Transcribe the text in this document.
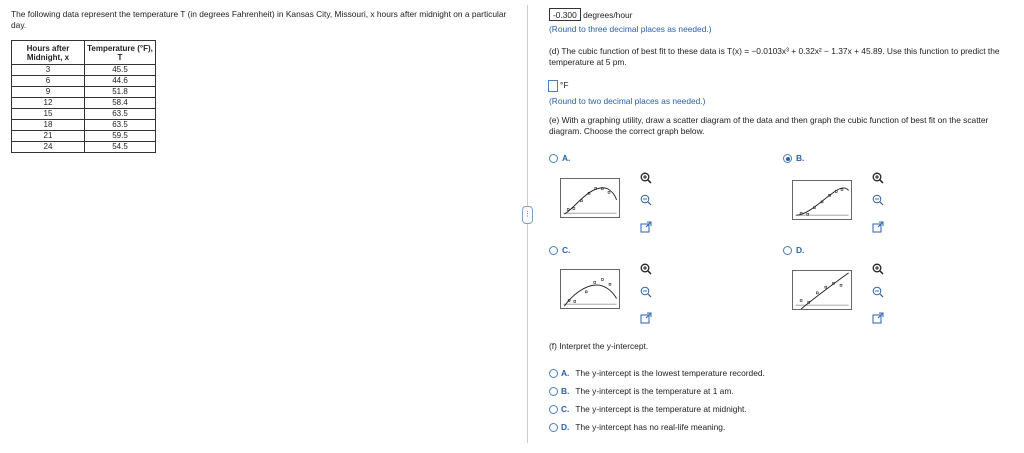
The following data represent the temperature T (in degrees Fahrenheit) in Kansas City, Missouri, x hours after midnight on a particular day.
Hours after Midnight, x	Temperature (°F), T
3	45.5
6	44.6
9	51.8
12	58.4
15	63.5
18	63.5
21	59.5
24	54.5
⋮
-0.300 degrees/hour
(Round to three decimal places as needed.)
(d) The cubic function of best fit to these data is T(x) = −0.0103x³ + 0.32x² − 1.37x + 45.89. Use this function to predict the temperature at 5 pm.
°F
(Round to two decimal places as needed.)
(e) With a graphing utility, draw a scatter diagram of the data and then graph the cubic function of best fit on the scatter diagram. Choose the correct graph below.
A.	B.
C.	D.
(f) Interpret the y-intercept.
A. The y-intercept is the lowest temperature recorded.
B. The y-intercept is the temperature at 1 am.
C. The y-intercept is the temperature at midnight.
D. The y-intercept has no real-life meaning.
